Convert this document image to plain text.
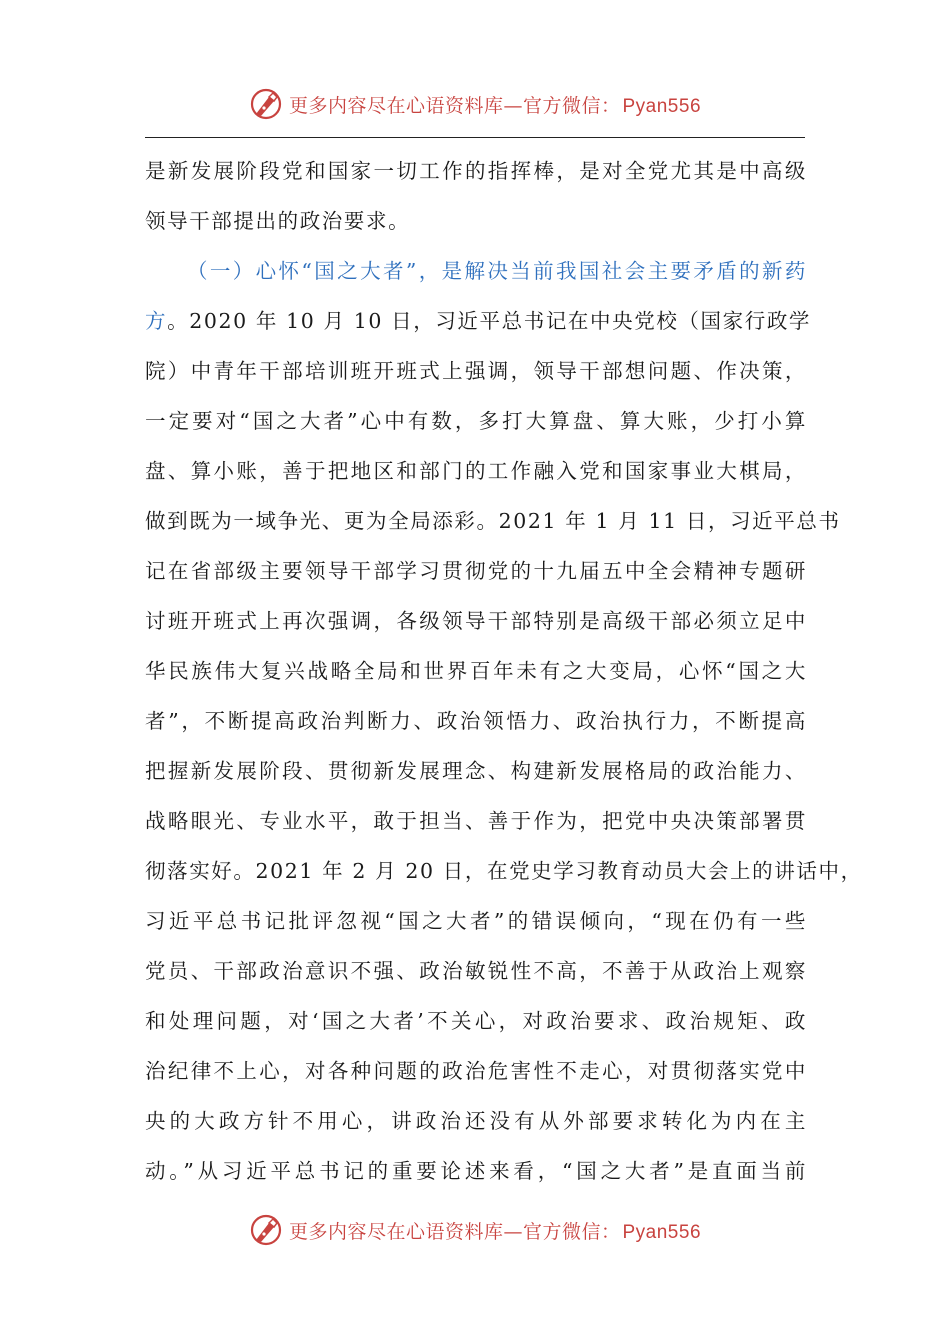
更多内容尽在心语资料库—官方微信： Pyan556
是新发展阶段党和国家一切工作的指挥棒，是对全党尤其是中高级
领导干部提出的政治要求。
（一）心怀“国之大者”，是解决当前我国社会主要矛盾的新药
方。2020 年 10 月 10 日，习近平总书记在中央党校（国家行政学
院）中青年干部培训班开班式上强调，领导干部想问题、作决策，
一定要对“国之大者”心中有数，多打大算盘、算大账，少打小算
盘、算小账，善于把地区和部门的工作融入党和国家事业大棋局，
做到既为一域争光、更为全局添彩。2021 年 1 月 11 日，习近平总书
记在省部级主要领导干部学习贯彻党的十九届五中全会精神专题研
讨班开班式上再次强调，各级领导干部特别是高级干部必须立足中
华民族伟大复兴战略全局和世界百年未有之大变局，心怀“国之大
者”，不断提高政治判断力、政治领悟力、政治执行力，不断提高
把握新发展阶段、贯彻新发展理念、构建新发展格局的政治能力、
战略眼光、专业水平，敢于担当、善于作为，把党中央决策部署贯
彻落实好。2021 年 2 月 20 日，在党史学习教育动员大会上的讲话中，
习近平总书记批评忽视“国之大者”的错误倾向，“现在仍有一些
党员、干部政治意识不强、政治敏锐性不高，不善于从政治上观察
和处理问题，对‘国之大者’不关心，对政治要求、政治规矩、政
治纪律不上心，对各种问题的政治危害性不走心，对贯彻落实党中
央的大政方针不用心，讲政治还没有从外部要求转化为内在主
动。”从习近平总书记的重要论述来看，“国之大者”是直面当前
更多内容尽在心语资料库—官方微信： Pyan556
